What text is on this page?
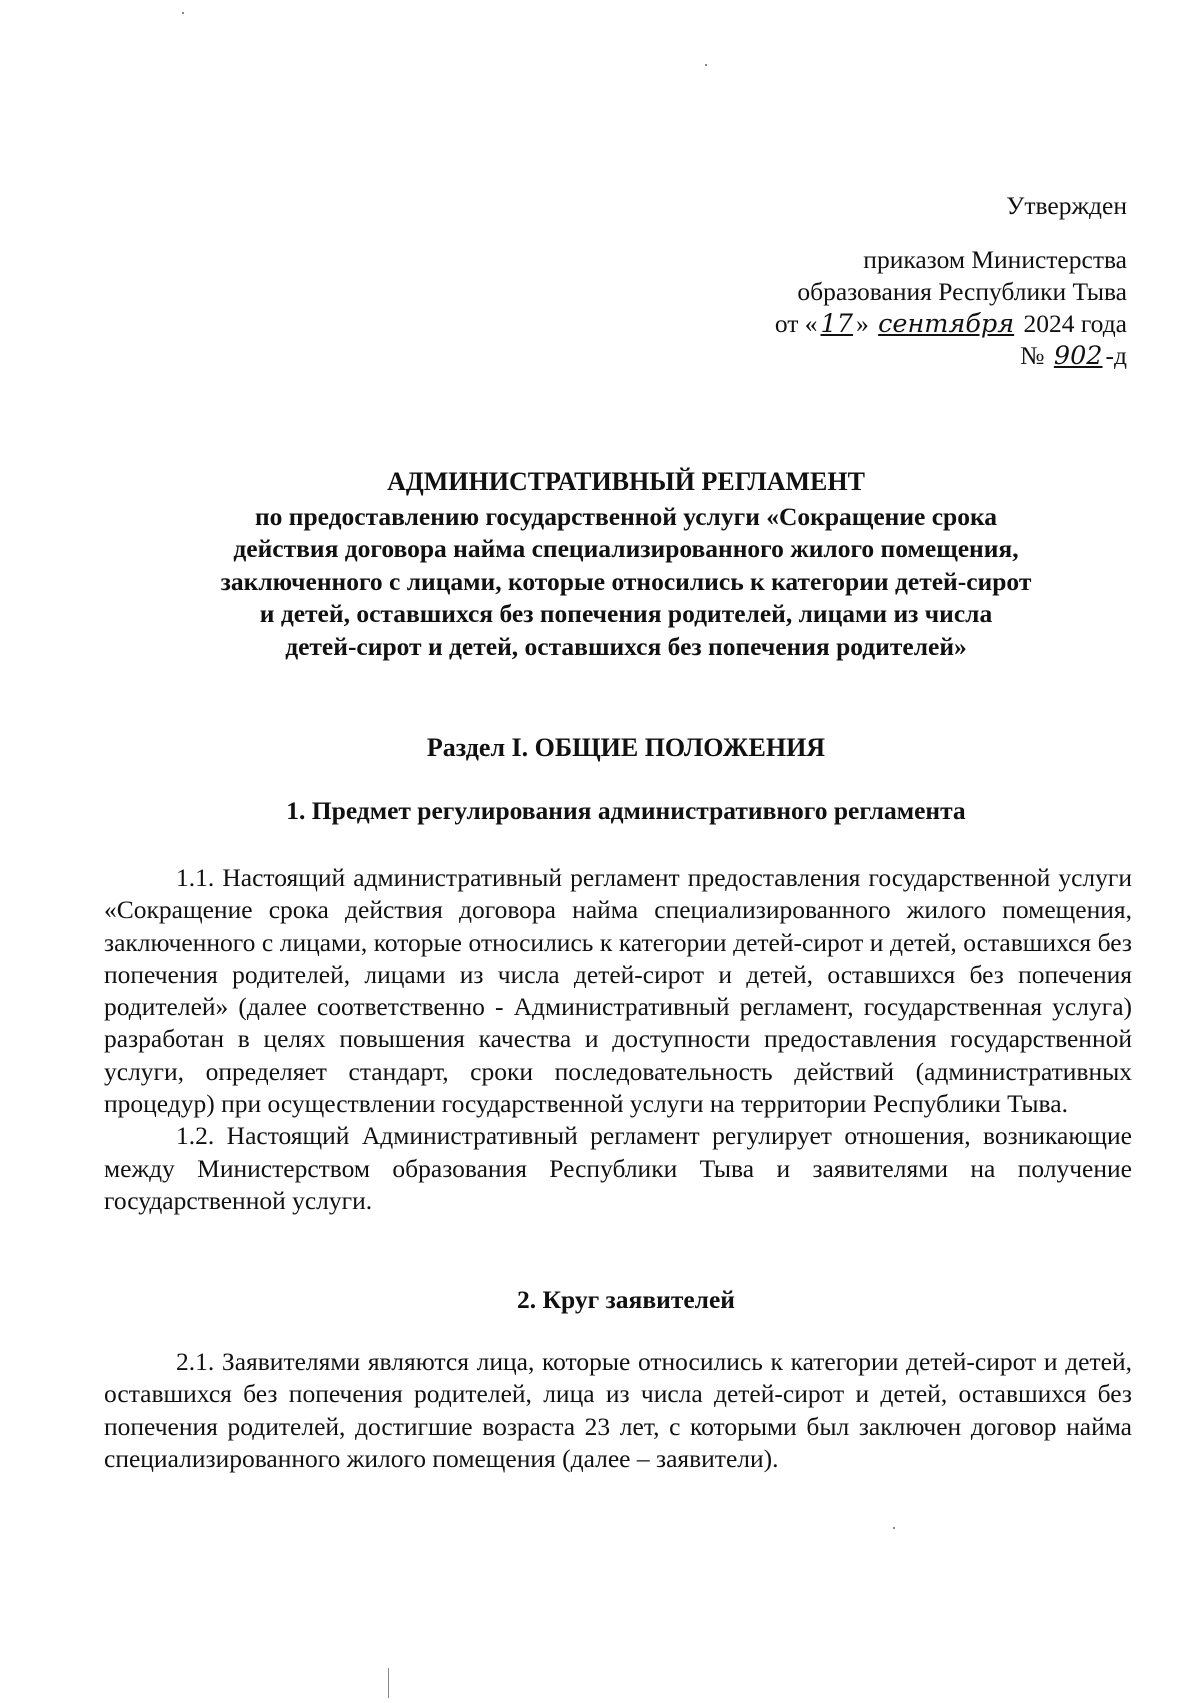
Утвержден
приказом Министерства
образования Республики Тыва
от « 17 » сентября 2024 года
№ 902 -д
АДМИНИСТРАТИВНЫЙ РЕГЛАМЕНТ
по предоставлению государственной услуги «Сокращение срока
действия договора найма специализированного жилого помещения,
заключенного с лицами, которые относились к категории детей-сирот
и детей, оставшихся без попечения родителей, лицами из числа
детей-сирот и детей, оставшихся без попечения родителей»
Раздел I. ОБЩИЕ ПОЛОЖЕНИЯ
1. Предмет регулирования административного регламента

1.1. Настоящий административный регламент предоставления государственной услуги «Сокращение срока действия договора найма специализированного жилого помещения, заключенного с лицами, которые относились к категории детей-сирот и детей, оставшихся без попечения родителей, лицами из числа детей-сирот и детей, оставшихся без попечения родителей» (далее соответственно - Административный регламент, государственная услуга) разработан в целях повышения качества и доступности предоставления государственной услуги, определяет стандарт, сроки последовательность действий (административных процедур) при осуществлении государственной услуги на территории Республики Тыва.

1.2. Настоящий Административный регламент регулирует отношения, возникающие между Министерством образования Республики Тыва и заявителями на получение государственной услуги.

2. Круг заявителей

2.1. Заявителями являются лица, которые относились к категории детей-сирот и детей, оставшихся без попечения родителей, лица из числа детей-сирот и детей, оставшихся без попечения родителей, достигшие возраста 23 лет, с которыми был заключен договор найма специализированного жилого помещения (далее – заявители).
